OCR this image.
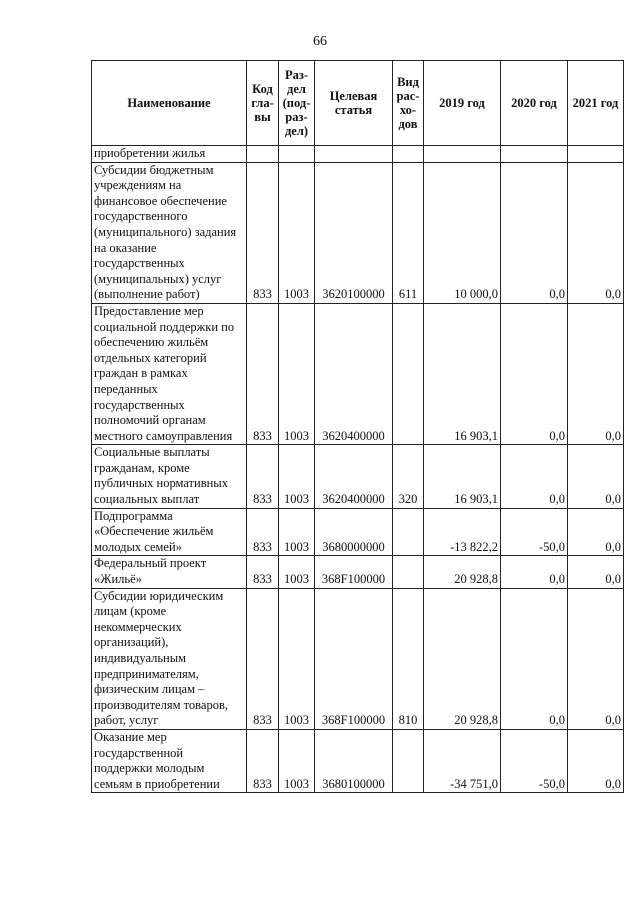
66
Наименование	Код гла- вы	Раз- дел (под- раз- дел)	Целевая статья	Вид рас- хо- дов	2019 год	2020 год	2021 год
приобретении жилья							
Субсидии бюджетным учреждениям на финансовое обеспечение государственного (муниципального) задания на оказание государственных (муниципальных) услуг (выполнение работ)	833	1003	3620100000	611	10 000,0	0,0	0,0
Предоставление мер социальной поддержки по обеспечению жильём отдельных категорий граждан в рамках переданных государственных полномочий органам местного самоуправления	833	1003	3620400000		16 903,1	0,0	0,0
Социальные выплаты гражданам, кроме публичных нормативных социальных выплат	833	1003	3620400000	320	16 903,1	0,0	0,0
Подпрограмма «Обеспечение жильём молодых семей»	833	1003	3680000000		-13 822,2	-50,0	0,0
Федеральный проект «Жильё»	833	1003	368F100000		20 928,8	0,0	0,0
Субсидии юридическим лицам (кроме некоммерческих организаций), индивидуальным предпринимателям, физическим лицам – производителям товаров, работ, услуг	833	1003	368F100000	810	20 928,8	0,0	0,0
Оказание мер государственной поддержки молодым семьям в приобретении	833	1003	3680100000		-34 751,0	-50,0	0,0
